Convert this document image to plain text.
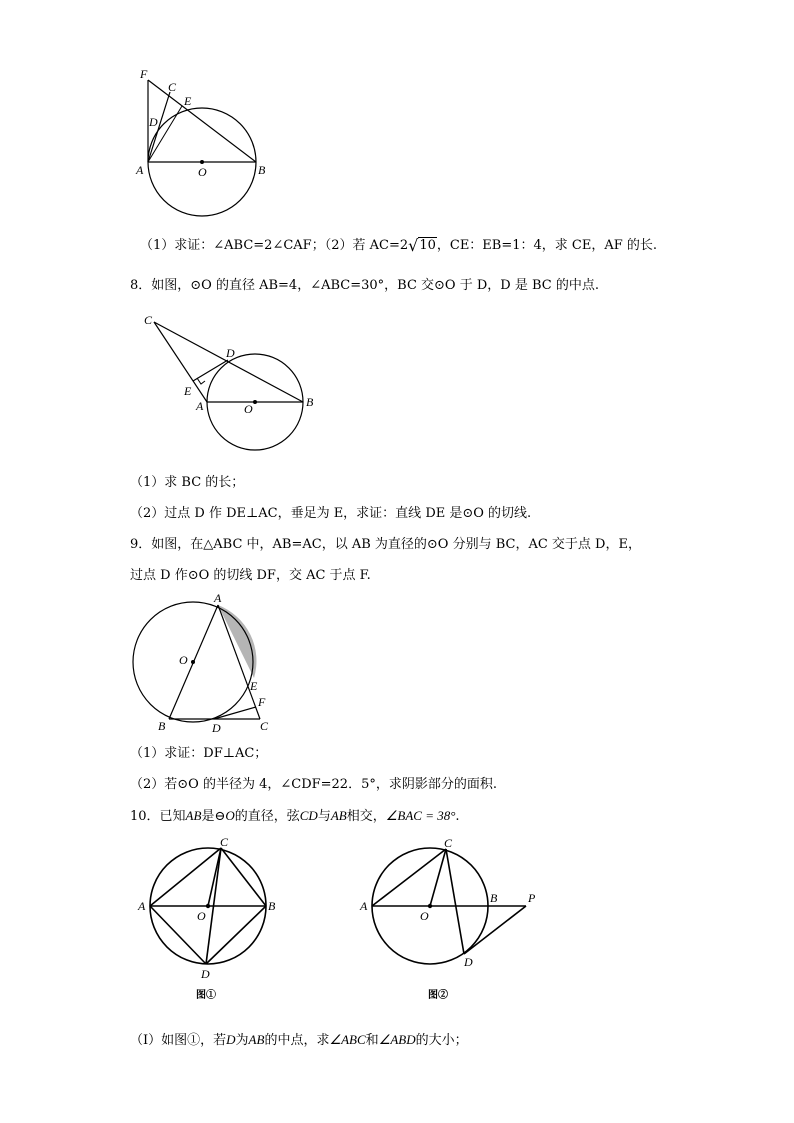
F
C
E
D
A	O	B
（1）求证：∠ABC=2∠CAF；（2）若 AC=2√10，CE：EB=1：4，求 CE，AF 的长.
8．如图，⊙O 的直径 AB=4，∠ABC=30°，BC 交⊙O 于 D，D 是 BC 的中点.
C
D
E
A	O	B
（1）求 BC 的长；
（2）过点 D 作 DE⊥AC，垂足为 E，求证：直线 DE 是⊙O 的切线.
9．如图，在△ABC 中，AB=AC，以 AB 为直径的⊙O 分别与 BC，AC 交于点 D，E，
过点 D 作⊙O 的切线 DF，交 AC 于点 F.
A
O
E
F
B	D	C
（1）求证：DF⊥AC；
（2）若⊙O 的半径为 4，∠CDF=22．5°，求阴影部分的面积.
10．已知AB是⊖O的直径，弦CD与AB相交，∠BAC = 38°.
C
A
O
B
D
图①
C
A
O
B	P
D
图②
（Ⅰ）如图①，若D为AB的中点，求∠ABC和∠ABD的大小；
